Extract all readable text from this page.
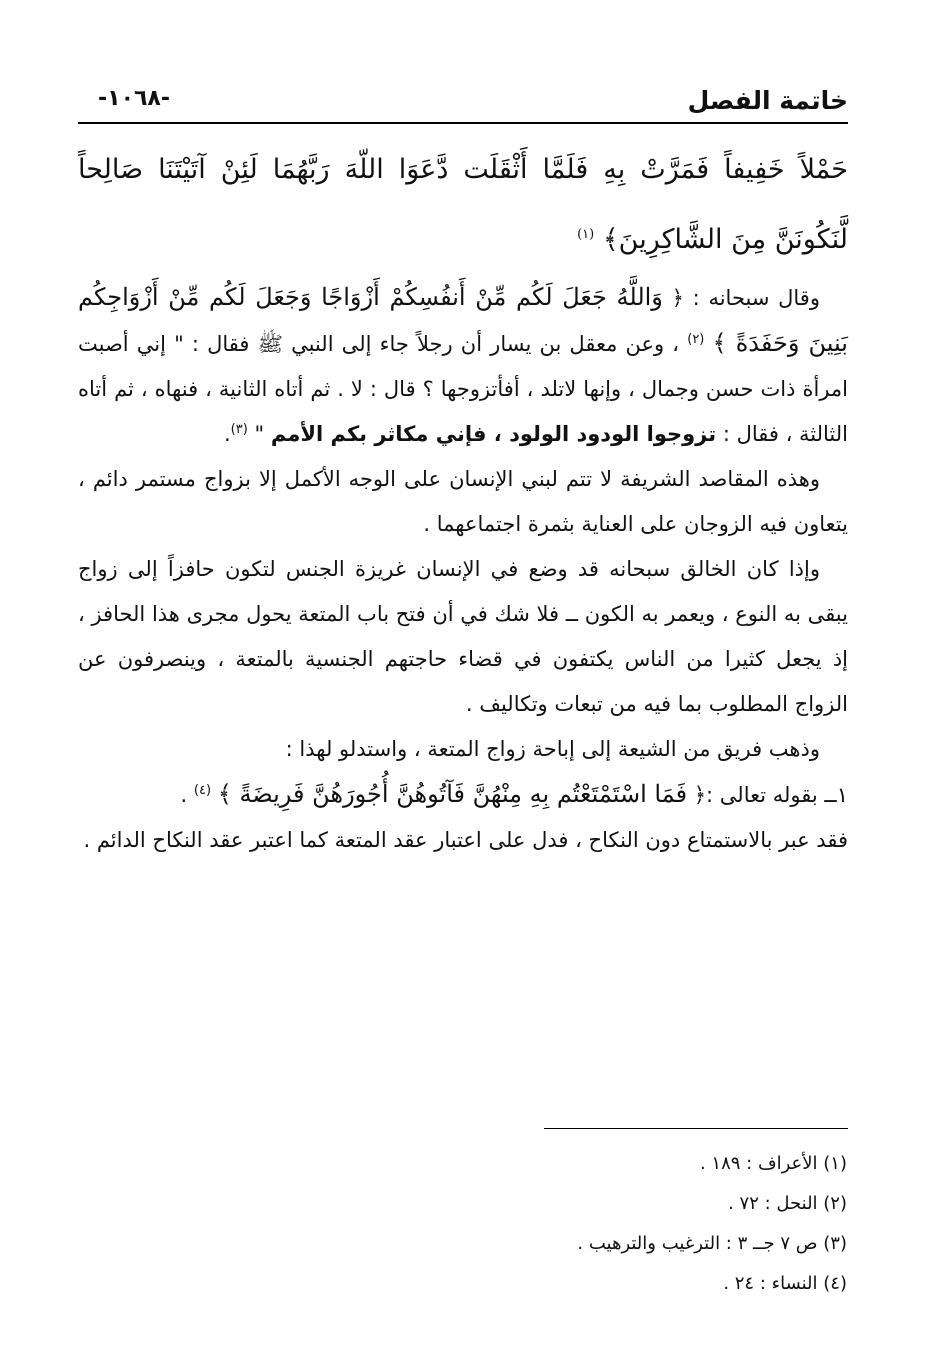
-١٠٦٨-	خاتمة الفصل

حَمْلاً خَفِيفاً فَمَرَّتْ بِهِ فَلَمَّا أَثْقَلَت دَّعَوَا اللّهَ رَبَّهُمَا لَئِنْ آتَيْتَنَا صَالِحاً لَّنَكُونَنَّ مِنَ الشَّاكِرِينَ﴾ $^{(١)}$

وقال سبحانه : ﴿ وَاللَّهُ جَعَلَ لَكُم مِّنْ أَنفُسِكُمْ أَزْوَاجًا وَجَعَلَ لَكُم مِّنْ أَزْوَاجِكُم بَنِينَ وَحَفَدَةً ﴾ $^{(٢)}$ ، وعن معقل بن يسار أن رجلاً جاء إلى النبي ﷺ فقال : " إني أصبت امرأة ذات حسن وجمال ، وإنها لاتلد ، أفأتزوجها ؟ قال : لا . ثم أتاه الثانية ، فنهاه ، ثم أتاه الثالثة ، فقال : تزوجوا الودود الولود ، فإني مكاثر بكم الأمم " $^{(٣)}$.

وهذه المقاصد الشريفة لا تتم لبني الإنسان على الوجه الأكمل إلا بزواج مستمر دائم ، يتعاون فيه الزوجان على العناية بثمرة اجتماعهما .

وإذا كان الخالق سبحانه قد وضع في الإنسان غريزة الجنس لتكون حافزاً إلى زواج يبقى به النوع ، ويعمر به الكون ــ فلا شك في أن فتح باب المتعة يحول مجرى هذا الحافز ، إذ يجعل كثيرا من الناس يكتفون في قضاء حاجتهم الجنسية بالمتعة ، وينصرفون عن الزواج المطلوب بما فيه من تبعات وتكاليف .

وذهب فريق من الشيعة إلى إباحة زواج المتعة ، واستدلو لهذا :

١ــ بقوله تعالى :﴿ فَمَا اسْتَمْتَعْتُم بِهِ مِنْهُنَّ فَآتُوهُنَّ أُجُورَهُنَّ فَرِيضَةً ﴾ $^{(٤)}$ .

فقد عبر بالاستمتاع دون النكاح ، فدل على اعتبار عقد المتعة كما اعتبر عقد النكاح الدائم .

(١) الأعراف : ١٨٩ .

(٢) النحل : ٧٢ .

(٣) ص ٧ جــ ٣ : الترغيب والترهيب .

(٤) النساء : ٢٤ .
